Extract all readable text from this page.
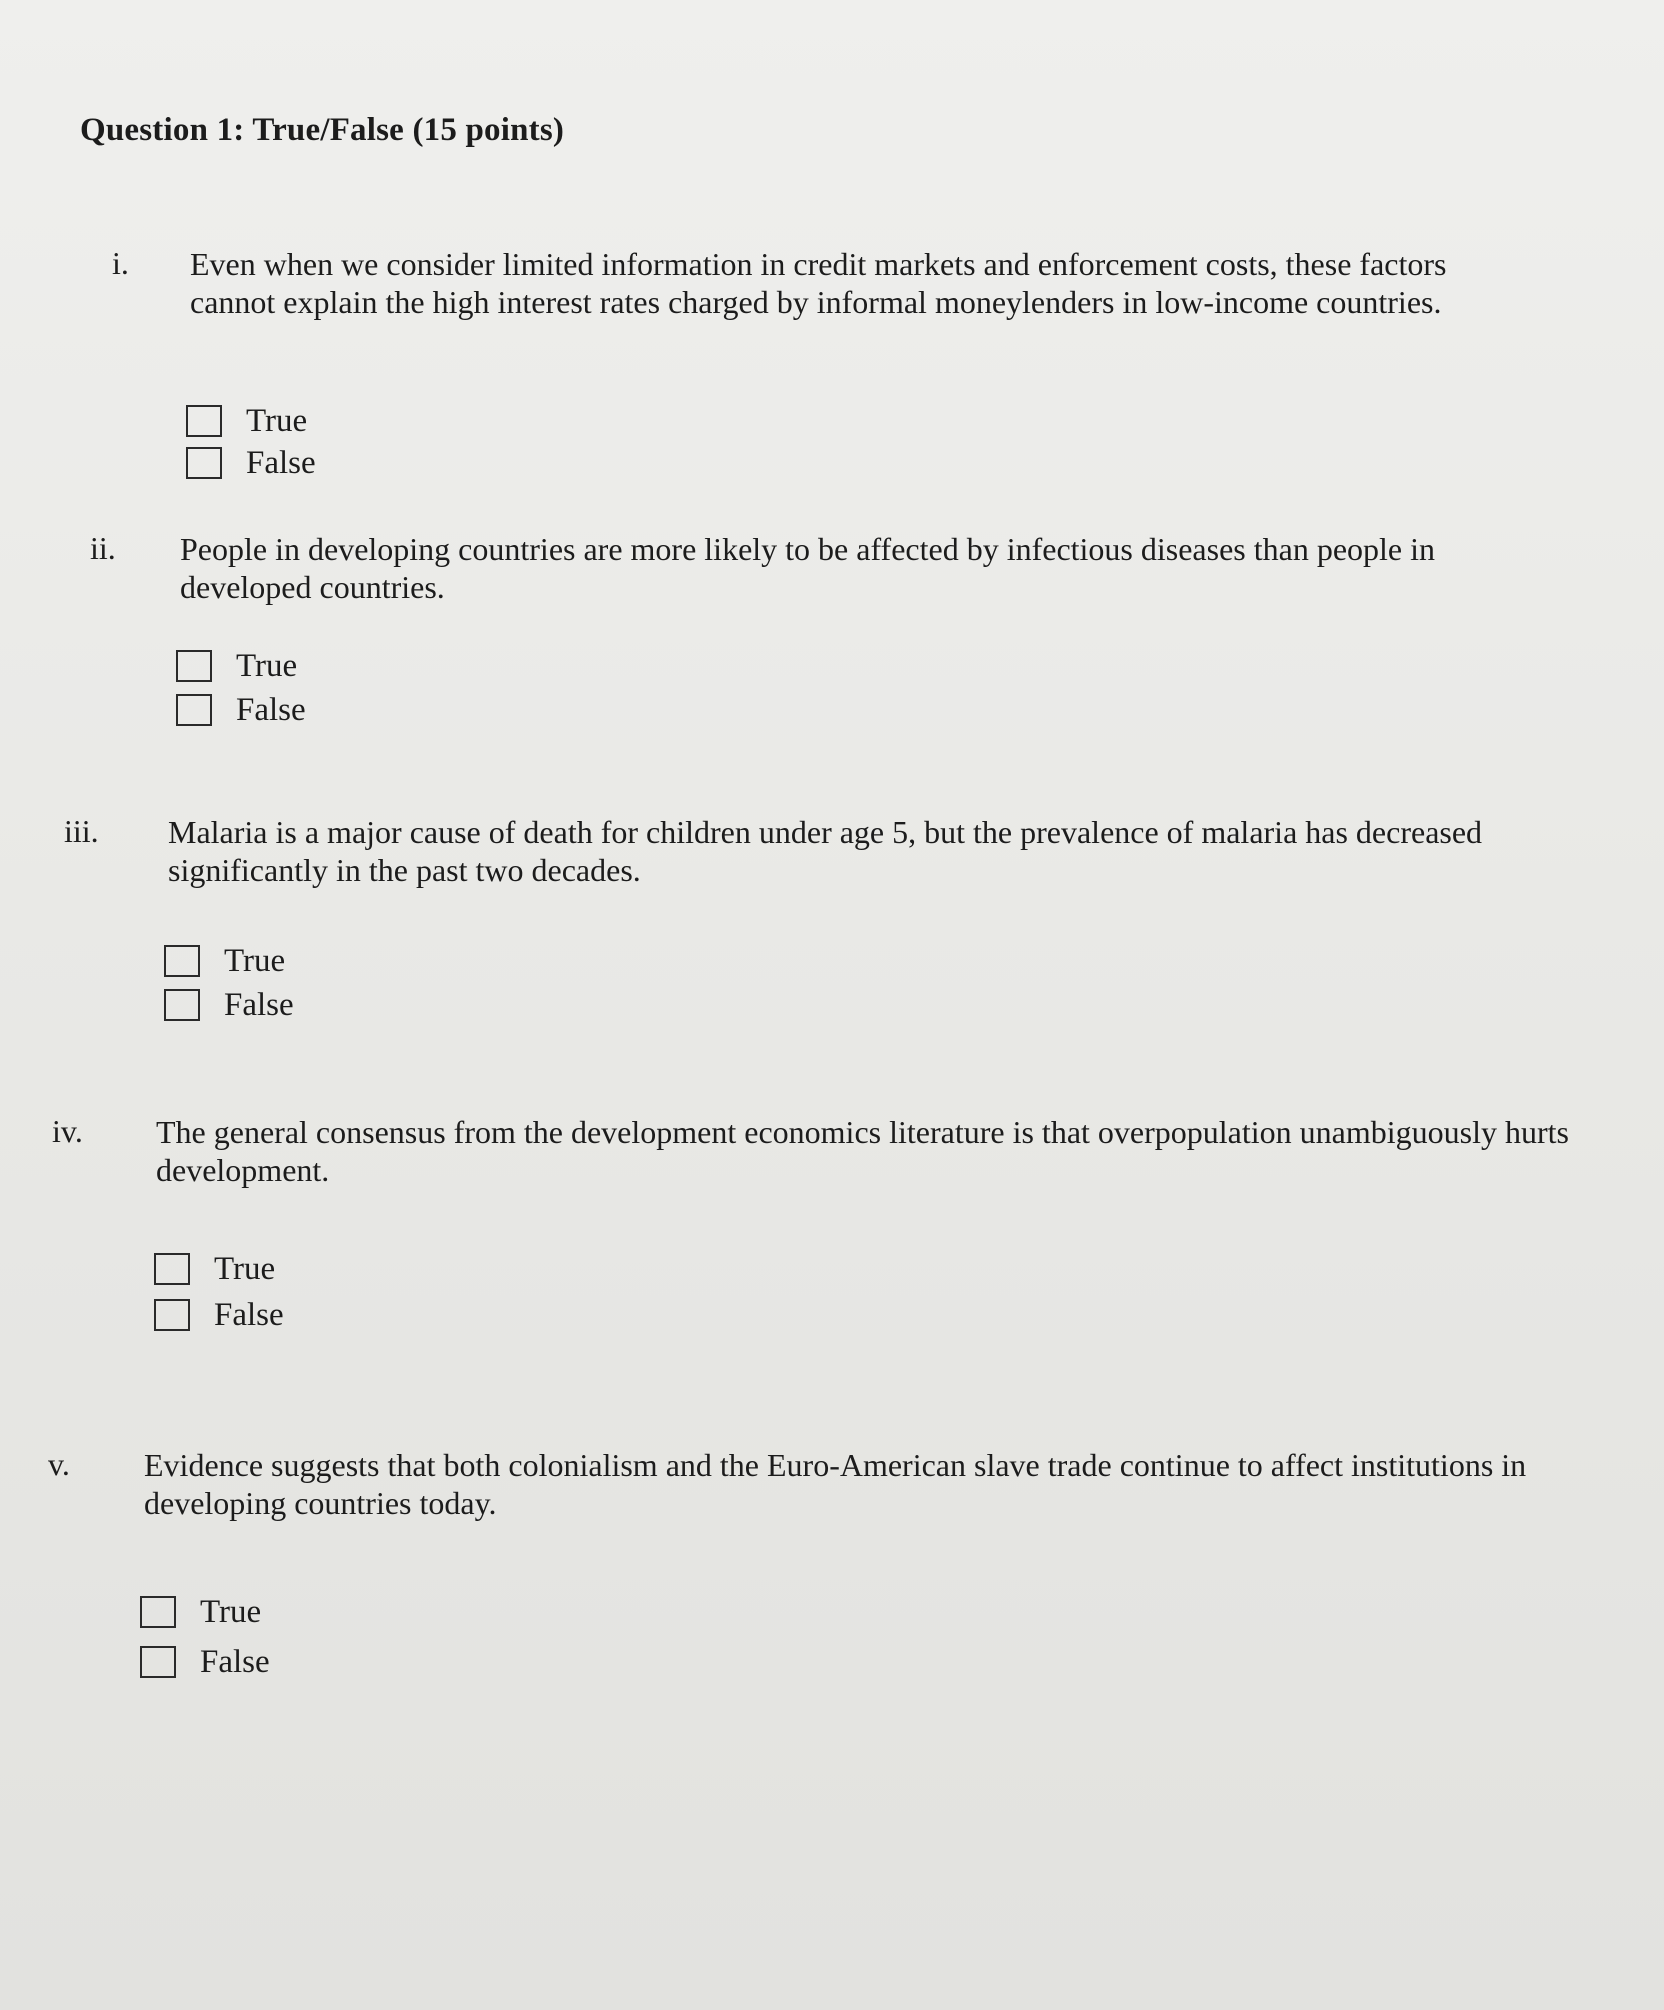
Question 1: True/False (15 points)
i. Even when we consider limited information in credit markets and enforcement costs, these factors cannot explain the high interest rates charged by informal moneylenders in low-income countries.
True
False
ii. People in developing countries are more likely to be affected by infectious diseases than people in developed countries.
True
False
iii. Malaria is a major cause of death for children under age 5, but the prevalence of malaria has decreased significantly in the past two decades.
True
False
iv. The general consensus from the development economics literature is that overpopulation unambiguously hurts development.
True
False
v. Evidence suggests that both colonialism and the Euro-American slave trade continue to affect institutions in developing countries today.
True
False
